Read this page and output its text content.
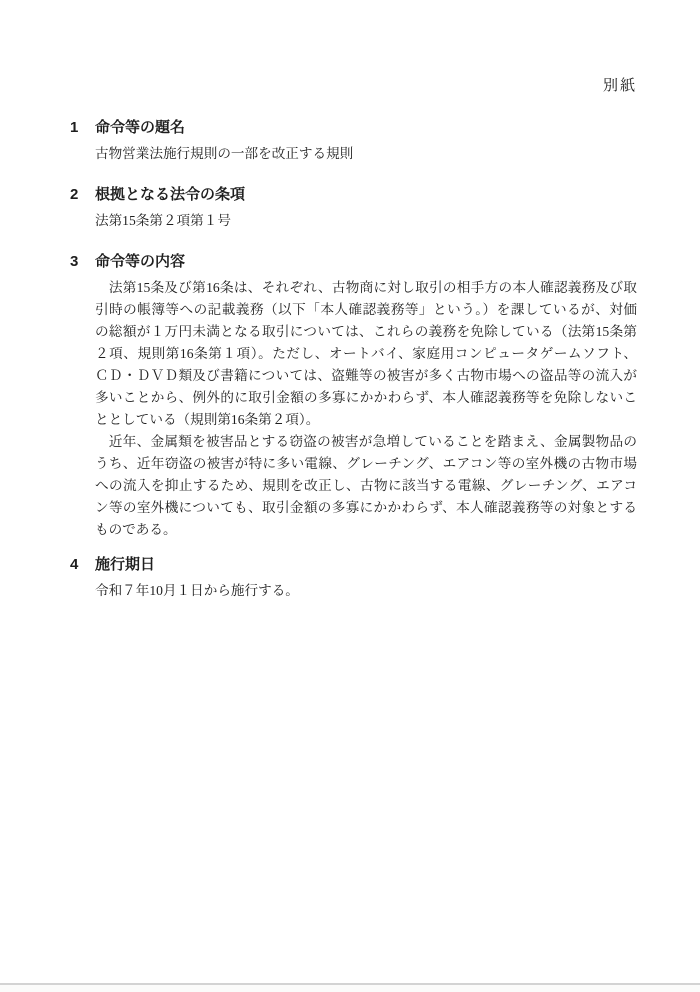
別紙
1	命令等の題名
古物営業法施行規則の一部を改正する規則
2	根拠となる法令の条項
法第15条第２項第１号
3	命令等の内容
　法第15条及び第16条は、それぞれ、古物商に対し取引の相手方の本人確認義務及び取
引時の帳簿等への記載義務（以下「本人確認義務等」という。）を課しているが、対価
の総額が１万円未満となる取引については、これらの義務を免除している（法第15条第
２項、規則第16条第１項）。ただし、オートバイ、家庭用コンピュータゲームソフト、
ＣＤ・ＤＶＤ類及び書籍については、盗難等の被害が多く古物市場への盗品等の流入が
多いことから、例外的に取引金額の多寡にかかわらず、本人確認義務等を免除しないこ
ととしている（規則第16条第２項）。
　近年、金属類を被害品とする窃盗の被害が急増していることを踏まえ、金属製物品の
うち、近年窃盗の被害が特に多い電線、グレーチング、エアコン等の室外機の古物市場
への流入を抑止するため、規則を改正し、古物に該当する電線、グレーチング、エアコ
ン等の室外機についても、取引金額の多寡にかかわらず、本人確認義務等の対象とする
ものである。
4	施行期日
令和７年10月１日から施行する。
